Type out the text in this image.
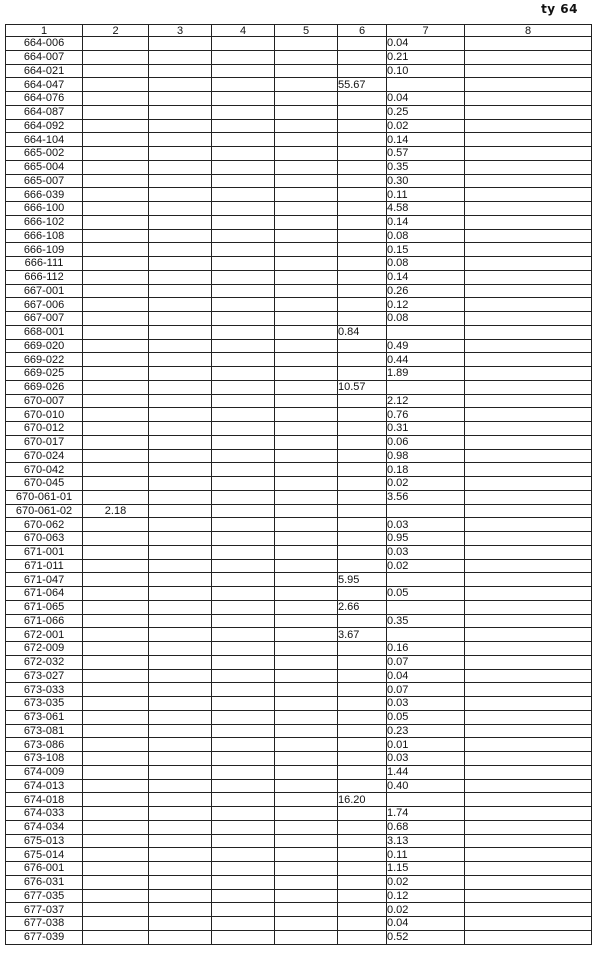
ty 64
1	2	3	4	5	6	7	8
664-006						0.04	
664-007						0.21	
664-021						0.10	
664-047					55.67		
664-076						0.04	
664-087						0.25	
664-092						0.02	
664-104						0.14	
665-002						0.57	
665-004						0.35	
665-007						0.30	
666-039						0.11	
666-100						4.58	
666-102						0.14	
666-108						0.08	
666-109						0.15	
666-111						0.08	
666-112						0.14	
667-001						0.26	
667-006						0.12	
667-007						0.08	
668-001					0.84		
669-020						0.49	
669-022						0.44	
669-025						1.89	
669-026					10.57		
670-007						2.12	
670-010						0.76	
670-012						0.31	
670-017						0.06	
670-024						0.98	
670-042						0.18	
670-045						0.02	
670-061-01						3.56	
670-061-02	2.18						
670-062						0.03	
670-063						0.95	
671-001						0.03	
671-011						0.02	
671-047					5.95		
671-064						0.05	
671-065					2.66		
671-066						0.35	
672-001					3.67		
672-009						0.16	
672-032						0.07	
673-027						0.04	
673-033						0.07	
673-035						0.03	
673-061						0.05	
673-081						0.23	
673-086						0.01	
673-108						0.03	
674-009						1.44	
674-013						0.40	
674-018					16.20		
674-033						1.74	
674-034						0.68	
675-013						3.13	
675-014						0.11	
676-001						1.15	
676-031						0.02	
677-035						0.12	
677-037						0.02	
677-038						0.04	
677-039						0.52	
